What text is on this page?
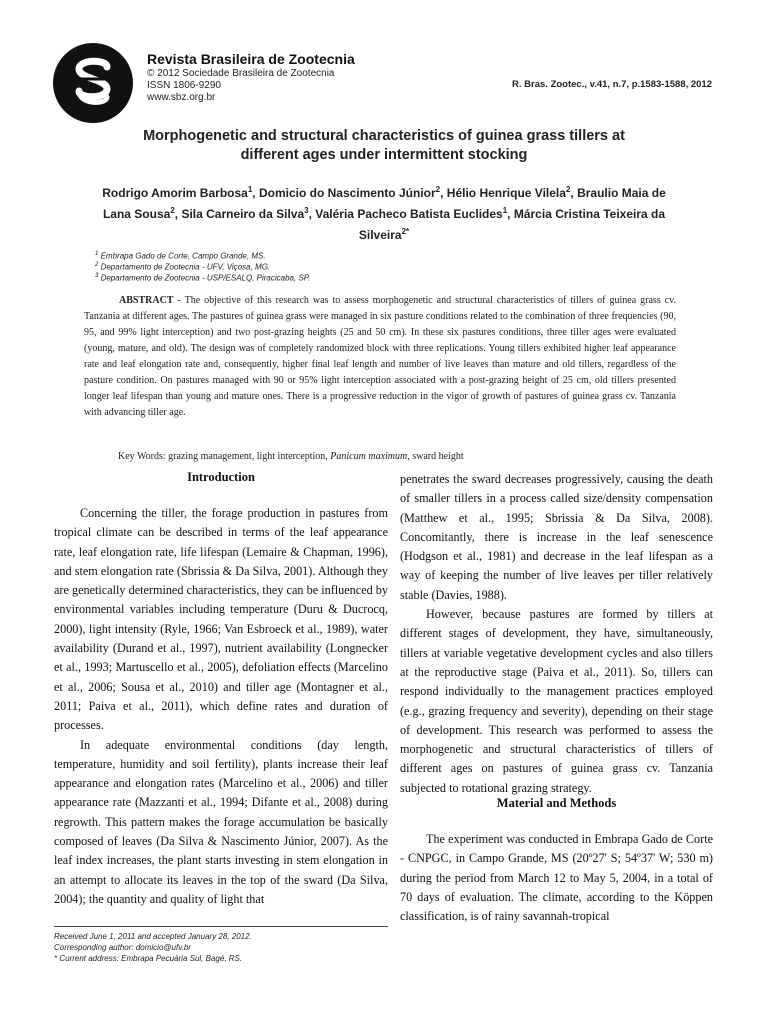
Revista Brasileira de Zootecnia
© 2012 Sociedade Brasileira de Zootecnia
ISSN 1806-9290
www.sbz.org.br
R. Bras. Zootec., v.41, n.7, p.1583-1588, 2012
Morphogenetic and structural characteristics of guinea grass tillers at
different ages under intermittent stocking
Rodrigo Amorim Barbosa$^1$, Domicio do Nascimento Júnior$^2$, Hélio Henrique Vilela$^2$, Braulio Maia de Lana Sousa$^2$, Sila Carneiro da Silva$^3$, Valéria Pacheco Batista Euclides$^1$, Márcia Cristina Teixeira da Silveira$^{2*}$
$^1$ Embrapa Gado de Corte, Campo Grande, MS.
$^2$ Departamento de Zootecnia - UFV, Viçosa, MG.
$^3$ Departamento de Zootecnia - USP/ESALQ, Piracicaba, SP.
ABSTRACT - The objective of this research was to assess morphogenetic and structural characteristics of tillers of guinea grass cv. Tanzania at different ages. The pastures of guinea grass were managed in six pasture conditions related to the combination of three frequencies (90, 95, and 99% light interception) and two post-grazing heights (25 and 50 cm). In these six pastures conditions, three tiller ages were evaluated (young, mature, and old). The design was of completely randomized block with three replications. Young tillers exhibited higher leaf appearance rate and leaf elongation rate and, consequently, higher final leaf length and number of live leaves than mature and old tillers, regardless of the pasture condition. On pastures managed with 90 or 95% light interception associated with a post-grazing height of 25 cm, old tillers presented longer leaf lifespan than young and mature ones. There is a progressive reduction in the vigor of growth of pastures of guinea grass cv. Tanzania with advancing tiller age.
Key Words: grazing management, light interception, Panicum maximum, sward height
Introduction

Concerning the tiller, the forage production in pastures from tropical climate can be described in terms of the leaf appearance rate, leaf elongation rate, life lifespan (Lemaire & Chapman, 1996), and stem elongation rate (Sbrissia & Da Silva, 2001). Although they are genetically determined characteristics, they can be influenced by environmental variables including temperature (Duru & Ducrocq, 2000), light intensity (Ryle, 1966; Van Esbroeck et al., 1989), water availability (Durand et al., 1997), nutrient availability (Longnecker et al., 1993; Martuscello et al., 2005), defoliation effects (Marcelino et al., 2006; Sousa et al., 2010) and tiller age (Montagner et al., 2011; Paiva et al., 2011), which define rates and duration of processes.

In adequate environmental conditions (day length, temperature, humidity and soil fertility), plants increase their leaf appearance and elongation rates (Marcelino et al., 2006) and tiller appearance rate (Mazzanti et al., 1994; Difante et al., 2008) during regrowth. This pattern makes the forage accumulation be basically composed of leaves (Da Silva & Nascimento Júnior, 2007). As the leaf index increases, the plant starts investing in stem elongation in an attempt to allocate its leaves in the top of the sward (Da Silva, 2004); the quantity and quality of light that

penetrates the sward decreases progressively, causing the death of smaller tillers in a process called size/density compensation (Matthew et al., 1995; Sbrissia & Da Silva, 2008). Concomitantly, there is increase in the leaf senescence (Hodgson et al., 1981) and decrease in the leaf lifespan as a way of keeping the number of live leaves per tiller relatively stable (Davies, 1988).

However, because pastures are formed by tillers at different stages of development, they have, simultaneously, tillers at variable vegetative development cycles and also tillers at the reproductive stage (Paiva et al., 2011). So, tillers can respond individually to the management practices employed (e.g., grazing frequency and severity), depending on their stage of development. This research was performed to assess the morphogenetic and structural characteristics of tillers of different ages on pastures of guinea grass cv. Tanzania subjected to rotational grazing strategy.

Material and Methods

The experiment was conducted in Embrapa Gado de Corte - CNPGC, in Campo Grande, MS (20º27' S; 54º37' W; 530 m) during the period from March 12 to May 5, 2004, in a total of 70 days of evaluation. The climate, according to the Köppen classification, is of rainy savannah-tropical

Received June 1, 2011 and accepted January 28, 2012.
Corresponding author: domicio@ufv.br
* Current address: Embrapa Pecuária Sul, Bagé, RS.
